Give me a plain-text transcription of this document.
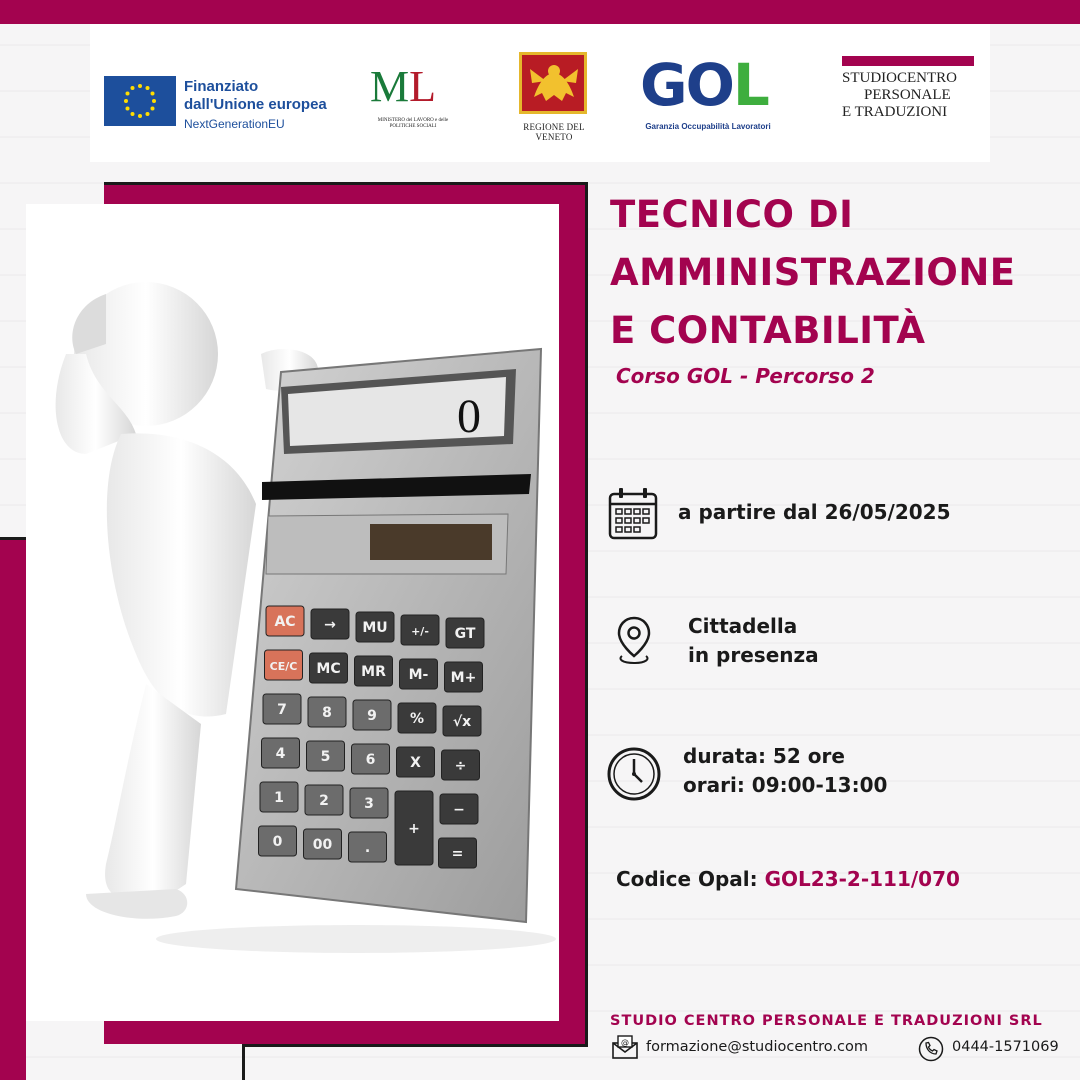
Finanziato
dall'Unione europea
NextGenerationEU
ML
MINISTERO del LAVORO e delle POLITICHE SOCIALI	REGIONE DEL VENETO
GOL
Garanzia Occupabilità Lavoratori
STUDIOCENTRO
PERSONALE
E TRADUZIONI
0
AC → MU +/- GT
CE/C MC MR M- M+
7	8	9 % √x
4	5	6 X ÷
1	2	3
+
−
0 00 .	=
TECNICO DI
AMMINISTRAZIONE
E CONTABILITÀ
Corso GOL - Percorso 2
a partire dal 26/05/2025
Cittadella
in presenza
durata: 52 ore
orari: 09:00-13:00
Codice Opal: GOL23-2-111/070
STUDIO CENTRO PERSONALE E TRADUZIONI SRL
@ formazione@studiocentro.com	0444-1571069
